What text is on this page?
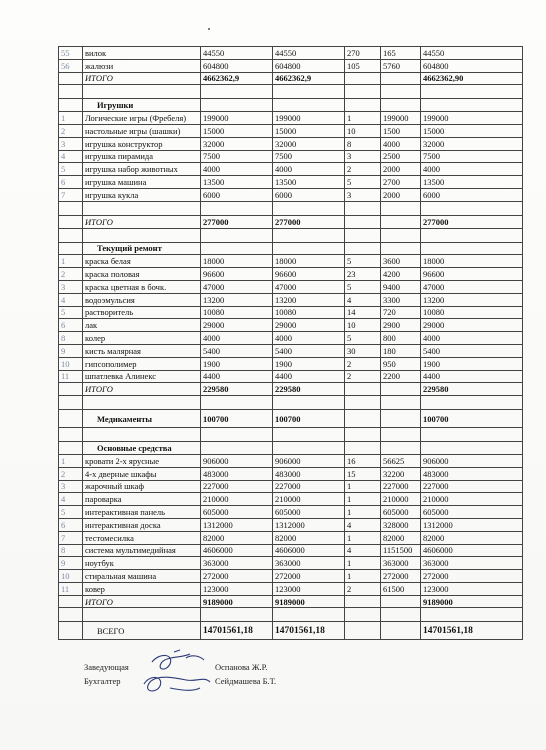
55	вилок	44550	44550	270	165	44550
56	жалюзи	604800	604800	105	5760	604800
	ИТОГО	4662362,9	4662362,9			4662362,90

	Игрушки					
1	Логические игры (Фребеля)	199000	199000	1	199000	199000
2	настольные игры (шашки)	15000	15000	10	1500	15000
3	игрушка конструктор	32000	32000	8	4000	32000
4	игрушка пирамида	7500	7500	3	2500	7500
5	игрушка набор животных	4000	4000	2	2000	4000
6	игрушка машина	13500	13500	5	2700	13500
7	игрушка кукла	6000	6000	3	2000	6000

	ИТОГО	277000	277000			277000

	Текущий ремонт					
1	краска белая	18000	18000	5	3600	18000
2	краска половая	96600	96600	23	4200	96600
3	краска цветная в бочк.	47000	47000	5	9400	47000
4	водоэмульсия	13200	13200	4	3300	13200
5	растворитель	10080	10080	14	720	10080
6	лак	29000	29000	10	2900	29000
8	колер	4000	4000	5	800	4000
9	кисть малярная	5400	5400	30	180	5400
10	гипсополимер	1900	1900	2	950	1900
11	шпатлевка Алинекс	4400	4400	2	2200	4400
	ИТОГО	229580	229580			229580

	Медикаменты	100700	100700			100700

	Основные средства					
1	кровати 2-х ярусные	906000	906000	16	56625	906000
2	4-х дверные шкафы	483000	483000	15	32200	483000
3	жарочный шкаф	227000	227000	1	227000	227000
4	пароварка	210000	210000	1	210000	210000
5	интерактивная панель	605000	605000	1	605000	605000
6	интерактивная доска	1312000	1312000	4	328000	1312000
7	тестомесилка	82000	82000	1	82000	82000
8	система мультимедийная	4606000	4606000	4	1151500	4606000
9	ноутбук	363000	363000	1	363000	363000
10	стиральная машина	272000	272000	1	272000	272000
11	ковер	123000	123000	2	61500	123000
	ИТОГО	9189000	9189000			9189000

	ВСЕГО	14701561,18	14701561,18			14701561,18
Заведующая	Оспанова Ж.Р.
Бухгалтер	Сейдмашева Б.Т.
